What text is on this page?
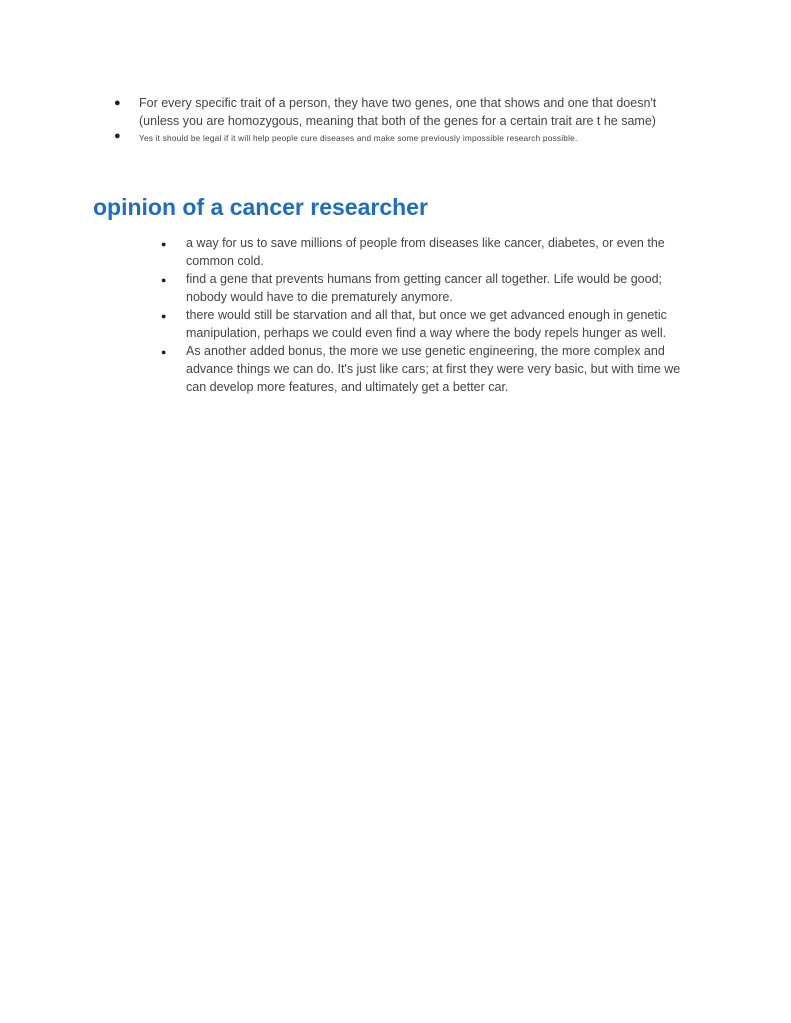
● For every specific trait of a person, they have two genes, one that shows and one that doesn't (unless you are homozygous, meaning that both of the genes for a certain trait are t he same)
● Yes it should be legal if it will help people cure diseases and make some previously impossible research possible.
opinion of a cancer researcher
● a way for us to save millions of people from diseases like cancer, diabetes, or even the common cold.
● find a gene that prevents humans from getting cancer all together. Life would be good; nobody would have to die prematurely anymore.
● there would still be starvation and all that, but once we get advanced enough in genetic manipulation, perhaps we could even find a way where the body repels hunger as well.
● As another added bonus, the more we use genetic engineering, the more complex and advance things we can do. It's just like cars; at first they were very basic, but with time we can develop more features, and ultimately get a better car.
